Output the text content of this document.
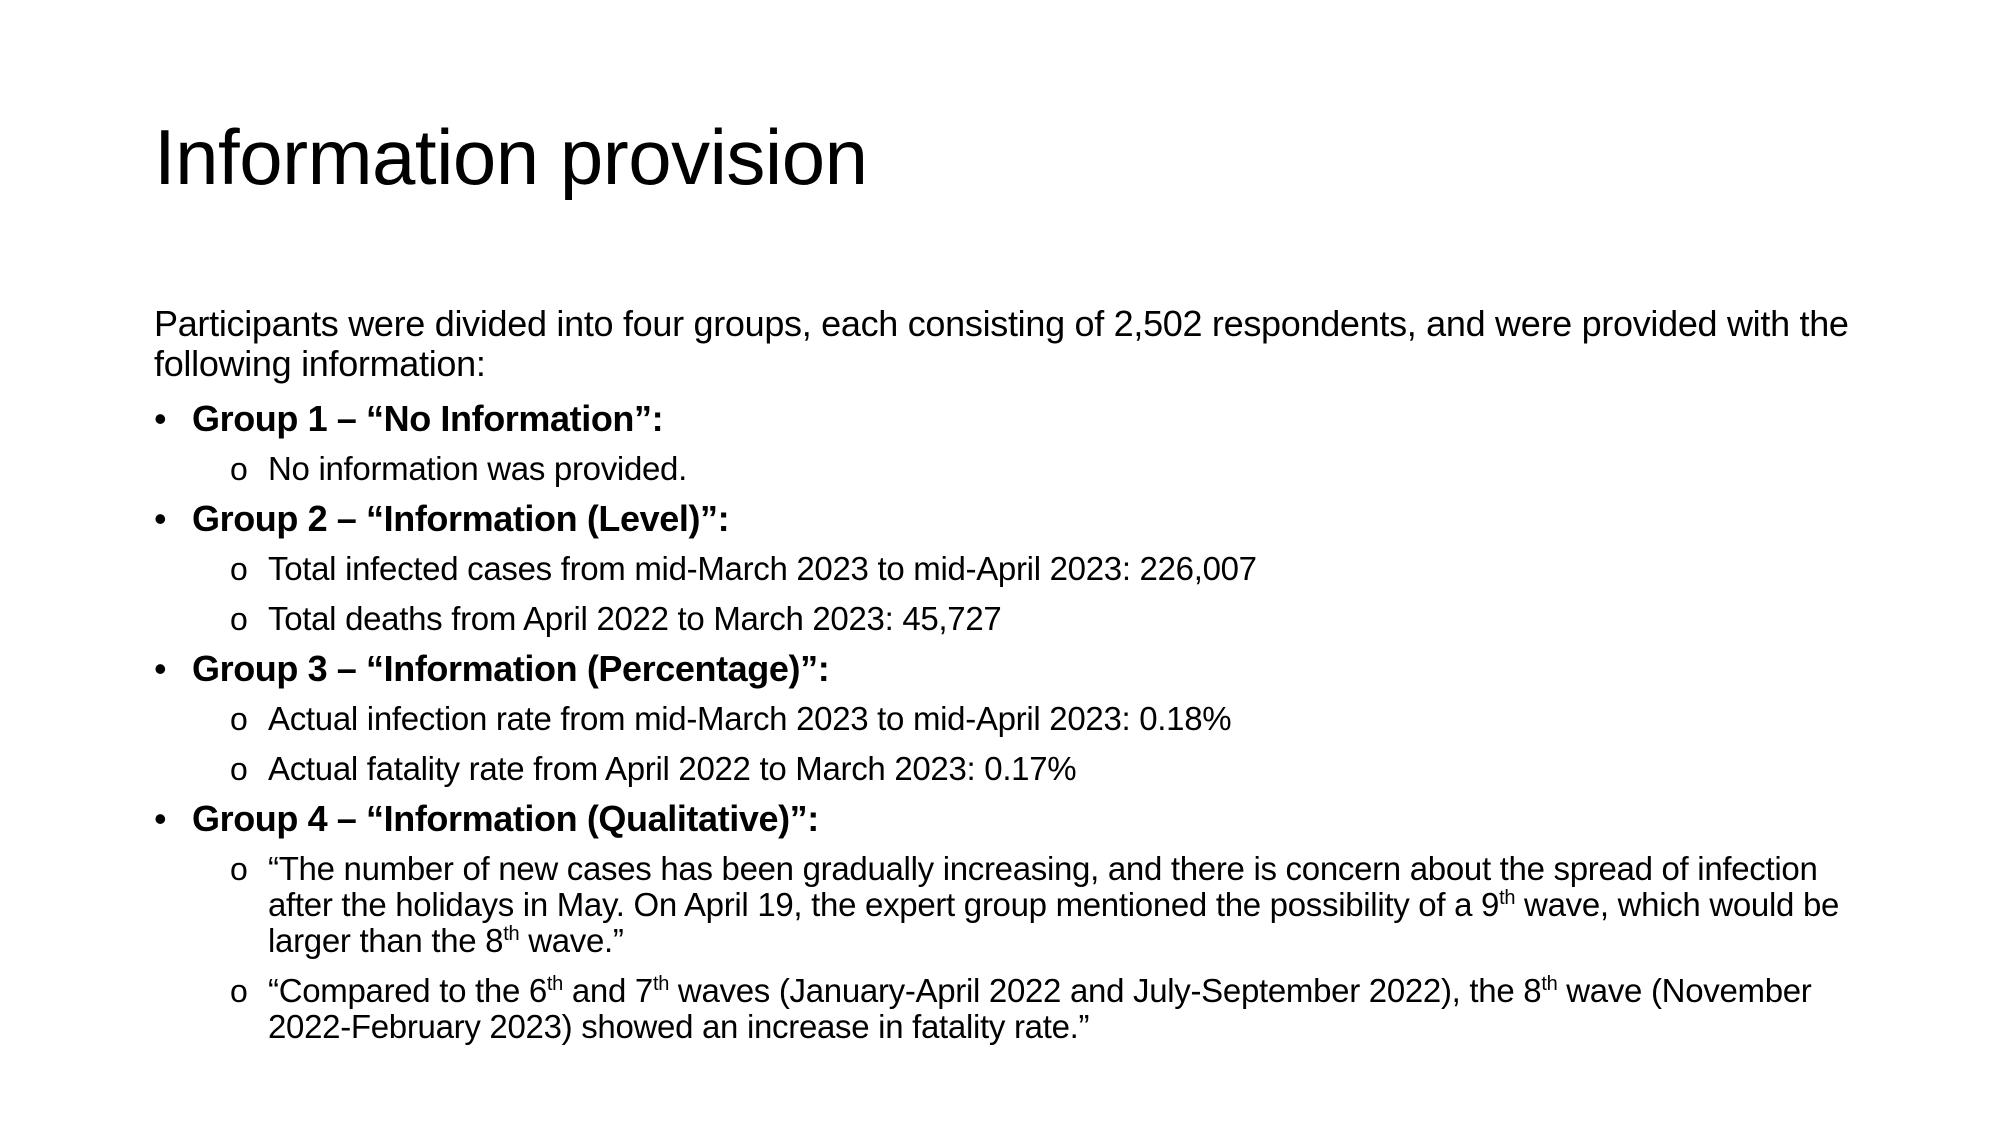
Information provision

Participants were divided into four groups, each consisting of 2,502 respondents, and were provided with the following information:

• Group 1 – “No Information”:
o No information was provided.
• Group 2 – “Information (Level)”:
o Total infected cases from mid-March 2023 to mid-April 2023: 226,007
o Total deaths from April 2022 to March 2023: 45,727
• Group 3 – “Information (Percentage)”:
o Actual infection rate from mid-March 2023 to mid-April 2023: 0.18%
o Actual fatality rate from April 2022 to March 2023: 0.17%
• Group 4 – “Information (Qualitative)”:
o “The number of new cases has been gradually increasing, and there is concern about the spread of infection after the holidays in May. On April 19, the expert group mentioned the possibility of a 9th wave, which would be larger than the 8th wave.”
o “Compared to the 6th and 7th waves (January-April 2022 and July-September 2022), the 8th wave (November 2022-February 2023) showed an increase in fatality rate.”
